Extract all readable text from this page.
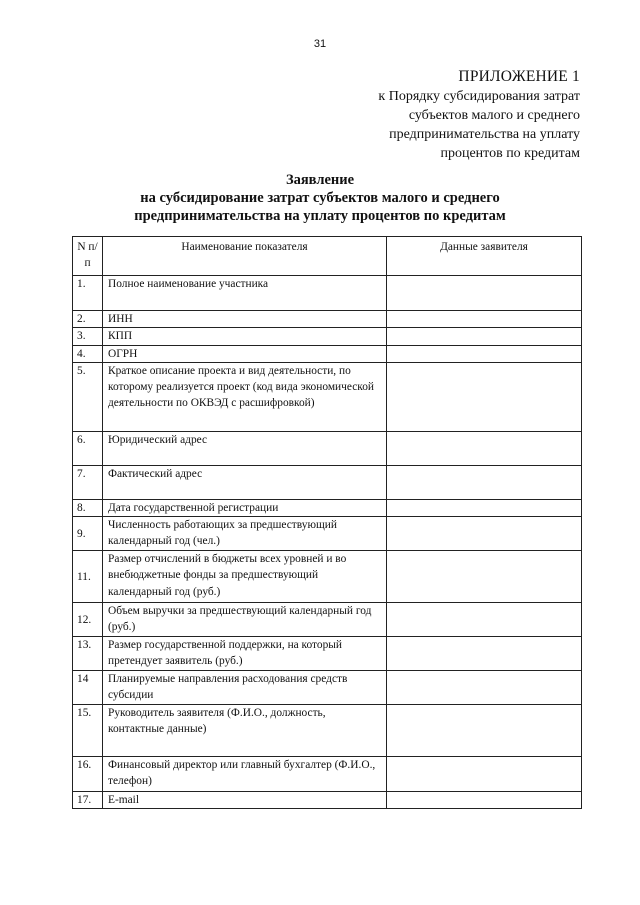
31
ПРИЛОЖЕНИЕ 1
к Порядку субсидирования затрат
субъектов малого и среднего
предпринимательства на уплату
процентов по кредитам
Заявление
на субсидирование затрат субъектов малого и среднего
предпринимательства на уплату процентов по кредитам
N п/п	Наименование показателя	Данные заявителя
1.	Полное наименование участника	
2.	ИНН	
3.	КПП	
4.	ОГРН	
5.	Краткое описание проекта и вид деятельности, по которому реализуется проект (код вида экономической деятельности по ОКВЭД с расшифровкой)	
6.	Юридический адрес	
7.	Фактический адрес	
8.	Дата государственной регистрации	
9.	Численность работающих за предшествующий календарный год (чел.)	
11.	Размер отчислений в бюджеты всех уровней и во внебюджетные фонды за предшествующий календарный год (руб.)	
12.	Объем выручки за предшествующий календарный год (руб.)	
13.	Размер государственной поддержки, на который претендует заявитель (руб.)	
14	Планируемые направления расходования средств субсидии	
15.	Руководитель заявителя (Ф.И.О., должность, контактные данные)	
16.	Финансовый директор или главный бухгалтер (Ф.И.О., телефон)	
17.	E-mail	
